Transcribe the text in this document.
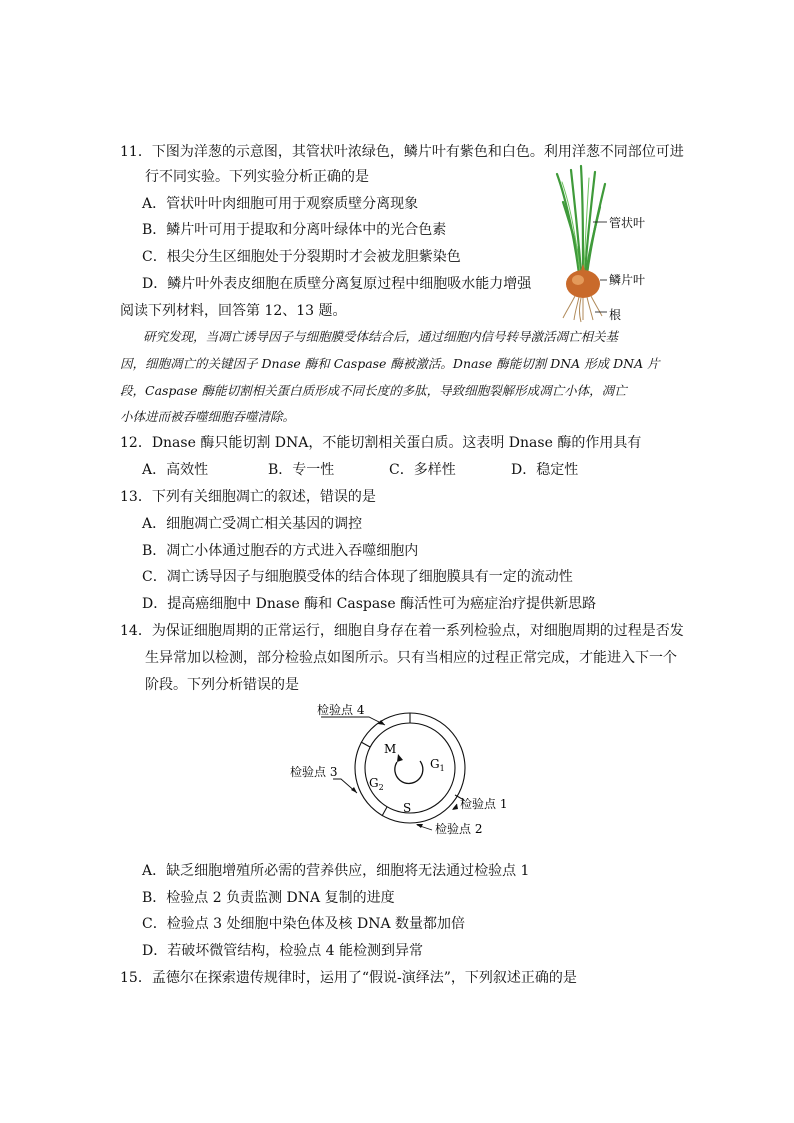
11．下图为洋葱的示意图，其管状叶浓绿色，鳞片叶有紫色和白色。利用洋葱不同部位可进
行不同实验。下列实验分析正确的是
A．管状叶叶肉细胞可用于观察质壁分离现象
B．鳞片叶可用于提取和分离叶绿体中的光合色素
C．根尖分生区细胞处于分裂期时才会被龙胆紫染色
D．鳞片叶外表皮细胞在质壁分离复原过程中细胞吸水能力增强
管状叶
鳞片叶
根
阅读下列材料，回答第 12、13 题。
研究发现，当凋亡诱导因子与细胞膜受体结合后，通过细胞内信号转导激活凋亡相关基
因，细胞凋亡的关键因子 Dnase 酶和 Caspase 酶被激活。Dnase 酶能切割 DNA 形成 DNA 片
段，Caspase 酶能切割相关蛋白质形成不同长度的多肽，导致细胞裂解形成凋亡小体，凋亡
小体进而被吞噬细胞吞噬清除。
12．Dnase 酶只能切割 DNA，不能切割相关蛋白质。这表明 Dnase 酶的作用具有
A．高效性	B．专一性	C．多样性	D．稳定性
13．下列有关细胞凋亡的叙述，错误的是
A．细胞凋亡受凋亡相关基因的调控
B．凋亡小体通过胞吞的方式进入吞噬细胞内
C．凋亡诱导因子与细胞膜受体的结合体现了细胞膜具有一定的流动性
D．提高癌细胞中 Dnase 酶和 Caspase 酶活性可为癌症治疗提供新思路
14．为保证细胞周期的正常运行，细胞自身存在着一系列检验点，对细胞周期的过程是否发
生异常加以检测，部分检验点如图所示。只有当相应的过程正常完成，才能进入下一个
阶段。下列分析错误的是
M
S
$G_1$
$G_2$
检验点 4
检验点 3
检验点 1
检验点 2
A．缺乏细胞增殖所必需的营养供应，细胞将无法通过检验点 1
B．检验点 2 负责监测 DNA 复制的进度
C．检验点 3 处细胞中染色体及核 DNA 数量都加倍
D．若破坏微管结构，检验点 4 能检测到异常
15．孟德尔在探索遗传规律时，运用了“假说-演绎法”，下列叙述正确的是
